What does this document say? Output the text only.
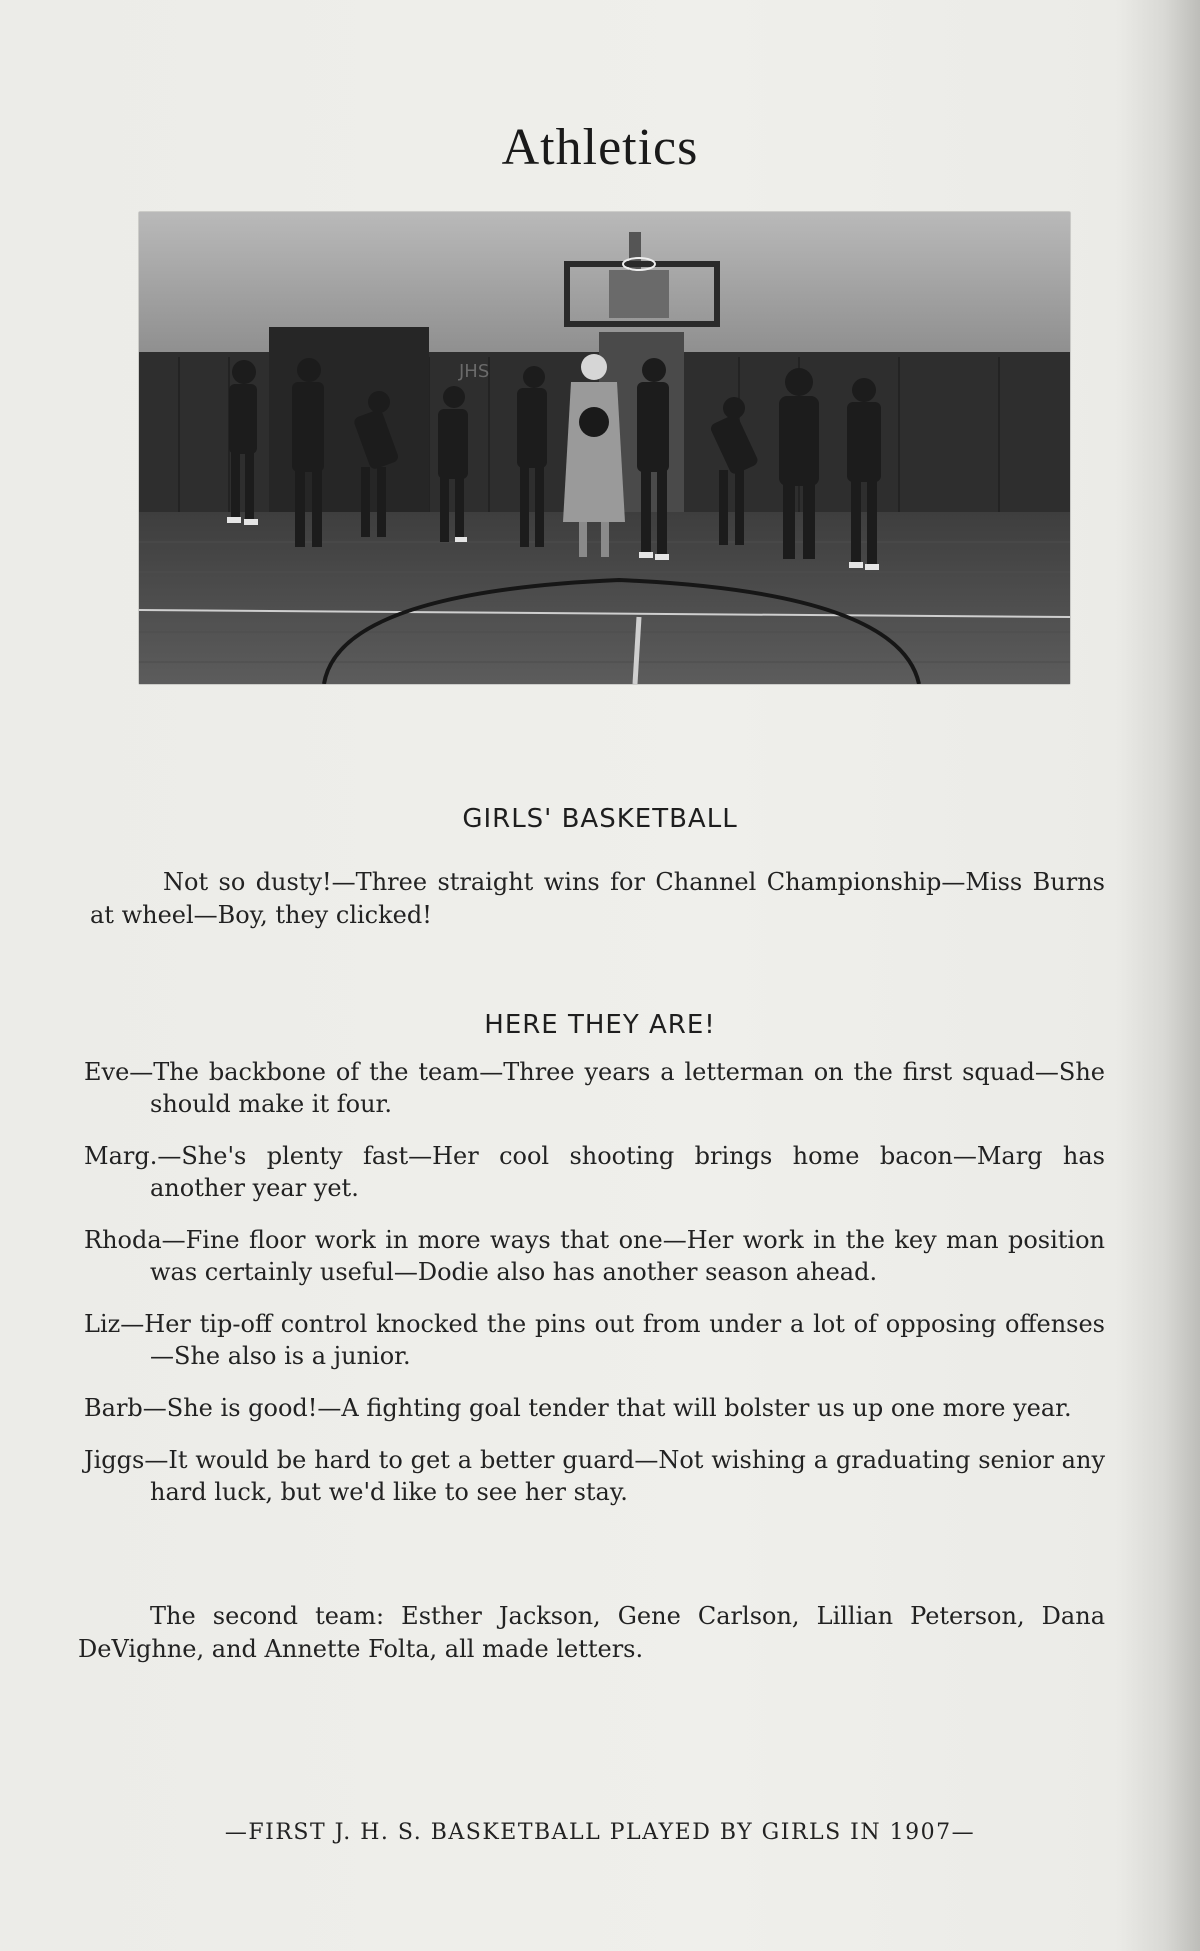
Athletics
JHS
GIRLS' BASKETBALL
Not so dusty!—Three straight wins for Channel Championship—Miss Burns at wheel—Boy, they clicked!
HERE THEY ARE!
Eve—The backbone of the team—Three years a letterman on the first squad—She should make it four.
Marg.—She's plenty fast—Her cool shooting brings home bacon—Marg has another year yet.
Rhoda—Fine floor work in more ways that one—Her work in the key man position was certainly useful—Dodie also has another season ahead.
Liz—Her tip-off control knocked the pins out from under a lot of opposing offenses—She also is a junior.
Barb—She is good!—A fighting goal tender that will bolster us up one more year.
Jiggs—It would be hard to get a better guard—Not wishing a graduating senior any hard luck, but we'd like to see her stay.
The second team: Esther Jackson, Gene Carlson, Lillian Peterson, Dana DeVighne, and Annette Folta, all made letters.
—FIRST J. H. S. BASKETBALL PLAYED BY GIRLS IN 1907—
